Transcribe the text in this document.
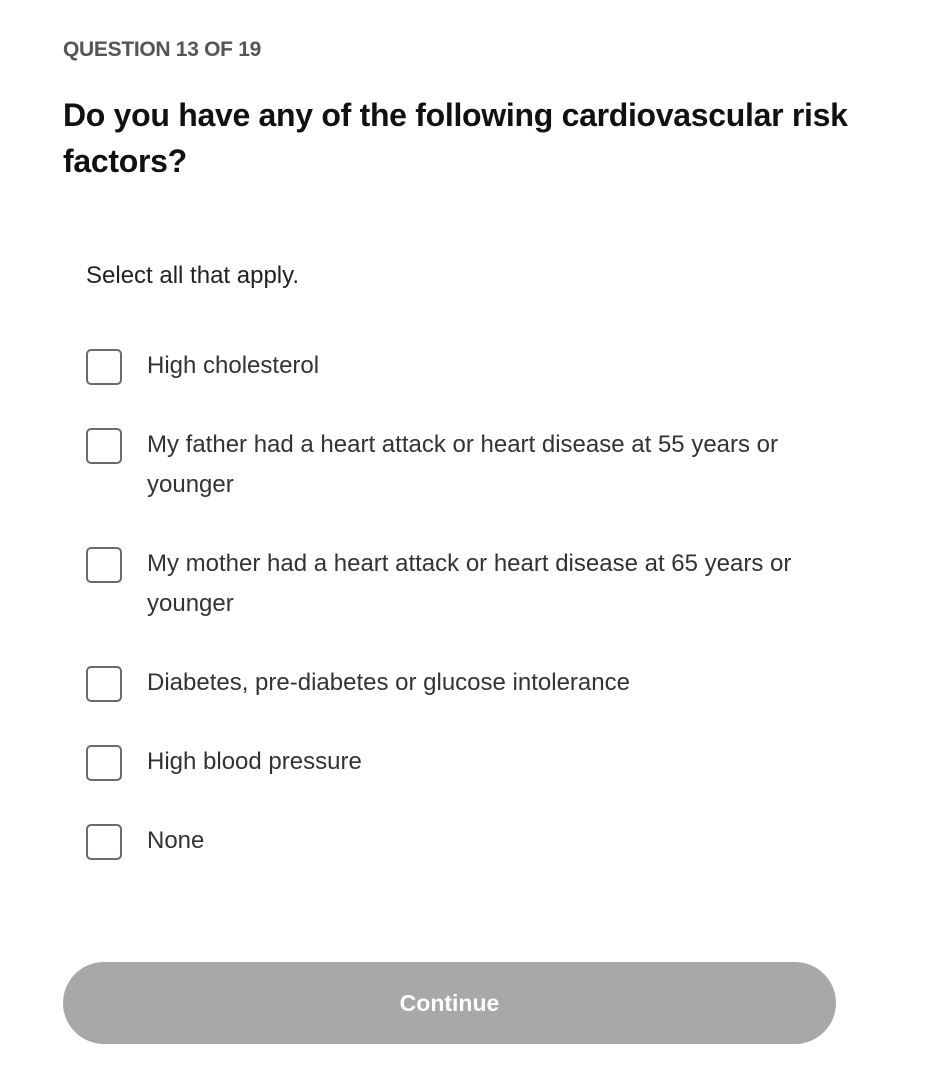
QUESTION 13 OF 19
Do you have any of the following cardiovascular risk factors?

Select all that apply.

High cholesterol
My father had a heart attack or heart disease at 55 years or younger
My mother had a heart attack or heart disease at 65 years or younger
Diabetes, pre-diabetes or glucose intolerance
High blood pressure
None
Continue
